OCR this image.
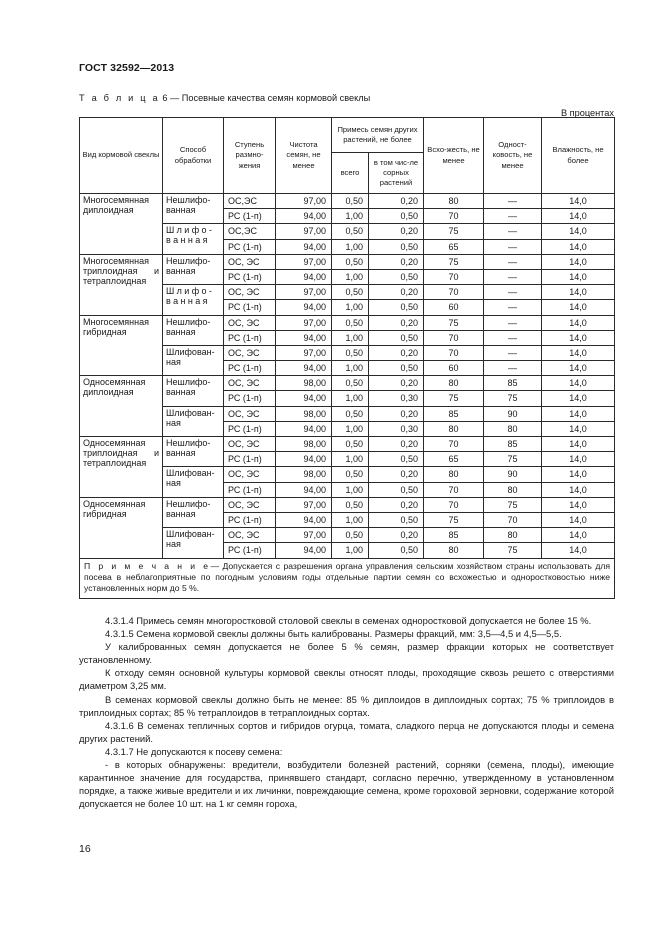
ГОСТ 32592—2013
Т а б л и ц а 6 — Посевные качества семян кормовой свеклы
В процентах
Вид кормовой свеклы	Способ обработки	Ступень размно-жения	Чистота семян, не менее	Примесь семян других растений, не более		Всхо-жесть, не менее	Одност-ковость, не менее	Влажность, не более
				всего	в том чис-ле сорных растений			
Многосемянная диплоидная	Нешлифо-ванная	ОС,ЭС	97,00	0,50	0,20	80	—	14,0
		РС (1-п)	94,00	1,00	0,50	70	—	14,0
	Шлифо-ванная	ОС,ЭС	97,00	0,50	0,20	75	—	14,0
		РС (1-п)	94,00	1,00	0,50	65	—	14,0
Многосемянная триплоидная и тетраплоидная	Нешлифо-ванная	ОС, ЭС	97,00	0,50	0,20	75	—	14,0
		РС (1-п)	94,00	1,00	0,50	70	—	14,0
	Шлифо-ванная	ОС, ЭС	97,00	0,50	0,20	70	—	14,0
		РС (1-п)	94,00	1,00	0,50	60	—	14,0
Многосемянная гибридная	Нешлифо-ванная	ОС, ЭС	97,00	0,50	0,20	75	—	14,0
		РС (1-п)	94,00	1,00	0,50	70	—	14,0
	Шлифован-ная	ОС, ЭС	97,00	0,50	0,20	70	—	14,0
		РС (1-п)	94,00	1,00	0,50	60	—	14,0
Односемянная диплоидная	Нешлифо-ванная	ОС, ЭС	98,00	0,50	0,20	80	85	14,0
		РС (1-п)	94,00	1,00	0,30	75	75	14,0
	Шлифован-ная	ОС, ЭС	98,00	0,50	0,20	85	90	14,0
		РС (1-п)	94,00	1,00	0,30	80	80	14,0
Односемянная триплоидная и тетраплоидная	Нешлифо-ванная	ОС, ЭС	98,00	0,50	0,20	70	85	14,0
		РС (1-п)	94,00	1,00	0,50	65	75	14,0
	Шлифован-ная	ОС, ЭС	98,00	0,50	0,20	80	90	14,0
		РС (1-п)	94,00	1,00	0,50	70	80	14,0
Односемянная гибридная	Нешлифо-ванная	ОС, ЭС	97,00	0,50	0,20	70	75	14,0
		РС (1-п)	94,00	1,00	0,50	75	70	14,0
	Шлифован-ная	ОС, ЭС	97,00	0,50	0,20	85	80	14,0
		РС (1-п)	94,00	1,00	0,50	80	75	14,0
П р и м е ч а н и е— Допускается с разрешения органа управления сельским хозяйством страны использовать для посева в неблагоприятные по погодным условиям годы отдельные партии семян со всхожестью и одноростковостью ниже установленных норм до 5 %.								

4.3.1.4 Примесь семян многоростковой столовой свеклы в семенах одноростковой допускается не более 15 %.

4.3.1.5 Семена кормовой свеклы должны быть калиброваны. Размеры фракций, мм: 3,5—4,5 и 4,5—5,5.

У калиброванных семян допускается не более 5 % семян, размер фракции которых не соответствует установленному.

К отходу семян основной культуры кормовой свеклы относят плоды, проходящие сквозь решето с отверстиями диаметром 3,25 мм.

В семенах кормовой свеклы должно быть не менее: 85 % диплоидов в диплоидных сортах; 75 % триплоидов в триплоидных сортах; 85 % тетраплоидов в тетраплоидных сортах.

4.3.1.6 В семенах тепличных сортов и гибридов огурца, томата, сладкого перца не допускаются плоды и семена других растений.

4.3.1.7 Не допускаются к посеву семена:

- в которых обнаружены: вредители, возбудители болезней растений, сорняки (семена, плоды), имеющие карантинное значение для государства, принявшего стандарт, согласно перечню, утвержденному в установленном порядке, а также живые вредители и их личинки, повреждающие семена, кроме гороховой зерновки, содержание которой допускается не более 10 шт. на 1 кг семян гороха,

16
